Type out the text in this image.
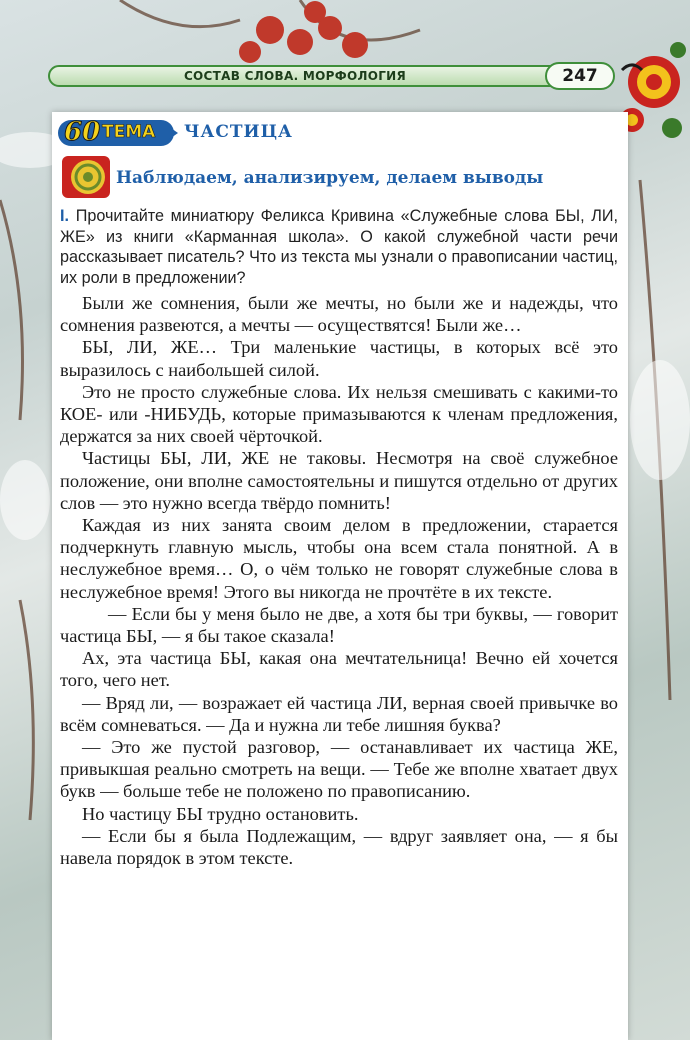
СОСТАВ СЛОВА. МОРФОЛОГИЯ	247
60 ТЕМА ЧАСТИЦА
Наблюдаем, анализируем, делаем выводы
I. Прочитайте миниатюру Феликса Кривина «Служебные слова БЫ, ЛИ, ЖЕ» из книги «Карманная школа». О какой служебной части речи рассказывает писатель? Что из текста мы узнали о правописании частиц, их роли в предложении?

Были же сомнения, были же мечты, но были же и надежды, что сомнения развеются, а мечты — осуществятся! Были же…

БЫ, ЛИ, ЖЕ… Три маленькие частицы, в которых всё это выразилось с наибольшей силой.

Это не просто служебные слова. Их нельзя смешивать с какими-то КОЕ- или -НИБУДЬ, которые примазываются к членам предложения, держатся за них своей чёрточкой.

Частицы БЫ, ЛИ, ЖЕ не таковы. Несмотря на своё служебное положение, они вполне самостоятельны и пишутся отдельно от других слов — это нужно всегда твёрдо помнить!

Каждая из них занята своим делом в предложении, старается подчеркнуть главную мысль, чтобы она всем стала понятной. А в неслужебное время… О, о чём только не говорят служебные слова в неслужебное время! Этого вы никогда не прочтёте в их тексте.

— Если бы у меня было не две, а хотя бы три буквы, — говорит частица БЫ, — я бы такое сказала!

Ах, эта частица БЫ, какая она мечтательница! Вечно ей хочется того, чего нет.

— Вряд ли, — возражает ей частица ЛИ, верная своей привычке во всём сомневаться. — Да и нужна ли тебе лишняя буква?

— Это же пустой разговор, — останавливает их частица ЖЕ, привыкшая реально смотреть на вещи. — Тебе же вполне хватает двух букв — больше тебе не положено по правописанию.

Но частицу БЫ трудно остановить.

— Если бы я была Подлежащим, — вдруг заявляет она, — я бы навела порядок в этом тексте.
